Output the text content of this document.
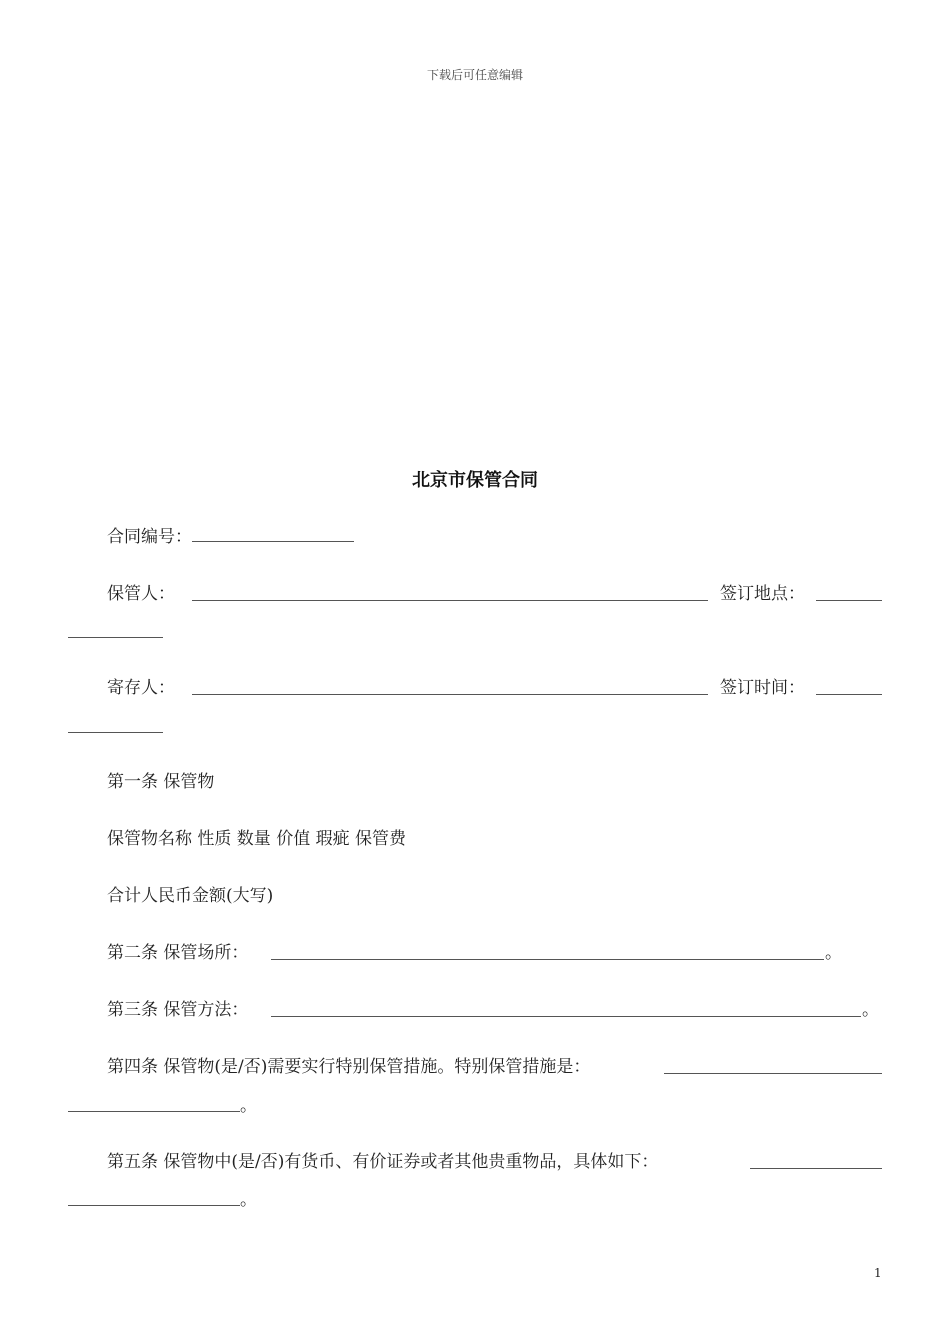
下载后可任意编辑
北京市保管合同
合同编号：
保管人：	签订地点：
寄存人：	签订时间：
第一条 保管物
保管物名称 性质 数量 价值 瑕疵 保管费
合计人民币金额(大写)
第二条 保管场所：	。
第三条 保管方法：	。
第四条 保管物(是/否)需要实行特别保管措施。特别保管措施是：
。
第五条 保管物中(是/否)有货币、有价证券或者其他贵重物品，具体如下：
。
1
